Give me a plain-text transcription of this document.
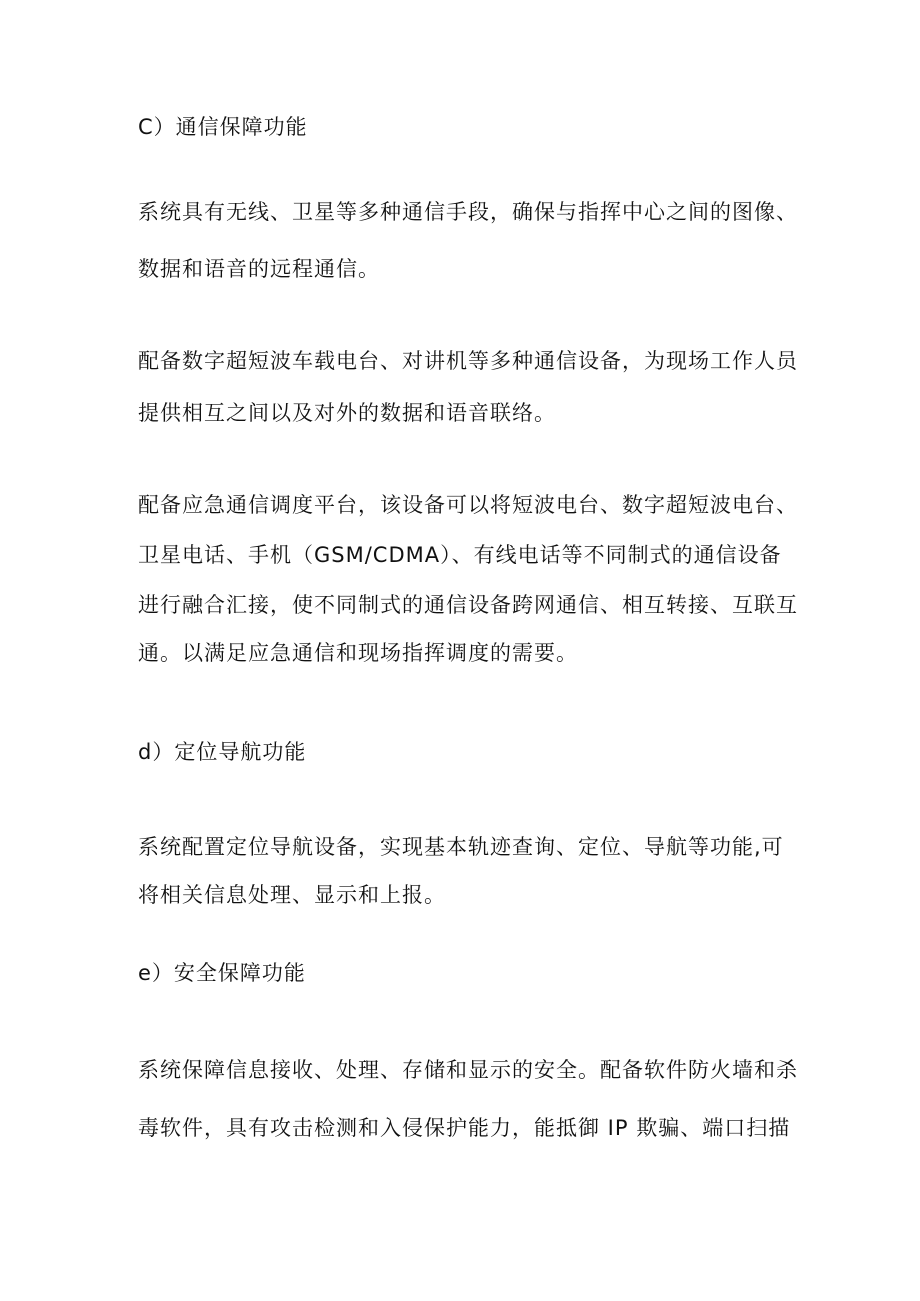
C）通信保障功能
系统具有无线、卫星等多种通信手段，确保与指挥中心之间的图像、
数据和语音的远程通信。
配备数字超短波车载电台、对讲机等多种通信设备，为现场工作人员
提供相互之间以及对外的数据和语音联络。
配备应急通信调度平台，该设备可以将短波电台、数字超短波电台、
卫星电话、手机（GSM/CDMA）、有线电话等不同制式的通信设备
进行融合汇接，使不同制式的通信设备跨网通信、相互转接、互联互
通。以满足应急通信和现场指挥调度的需要。
d）定位导航功能
系统配置定位导航设备，实现基本轨迹查询、定位、导航等功能,可
将相关信息处理、显示和上报。
e）安全保障功能
系统保障信息接收、处理、存储和显示的安全。配备软件防火墙和杀
毒软件，具有攻击检测和入侵保护能力，能抵御 IP 欺骗、端口扫描
